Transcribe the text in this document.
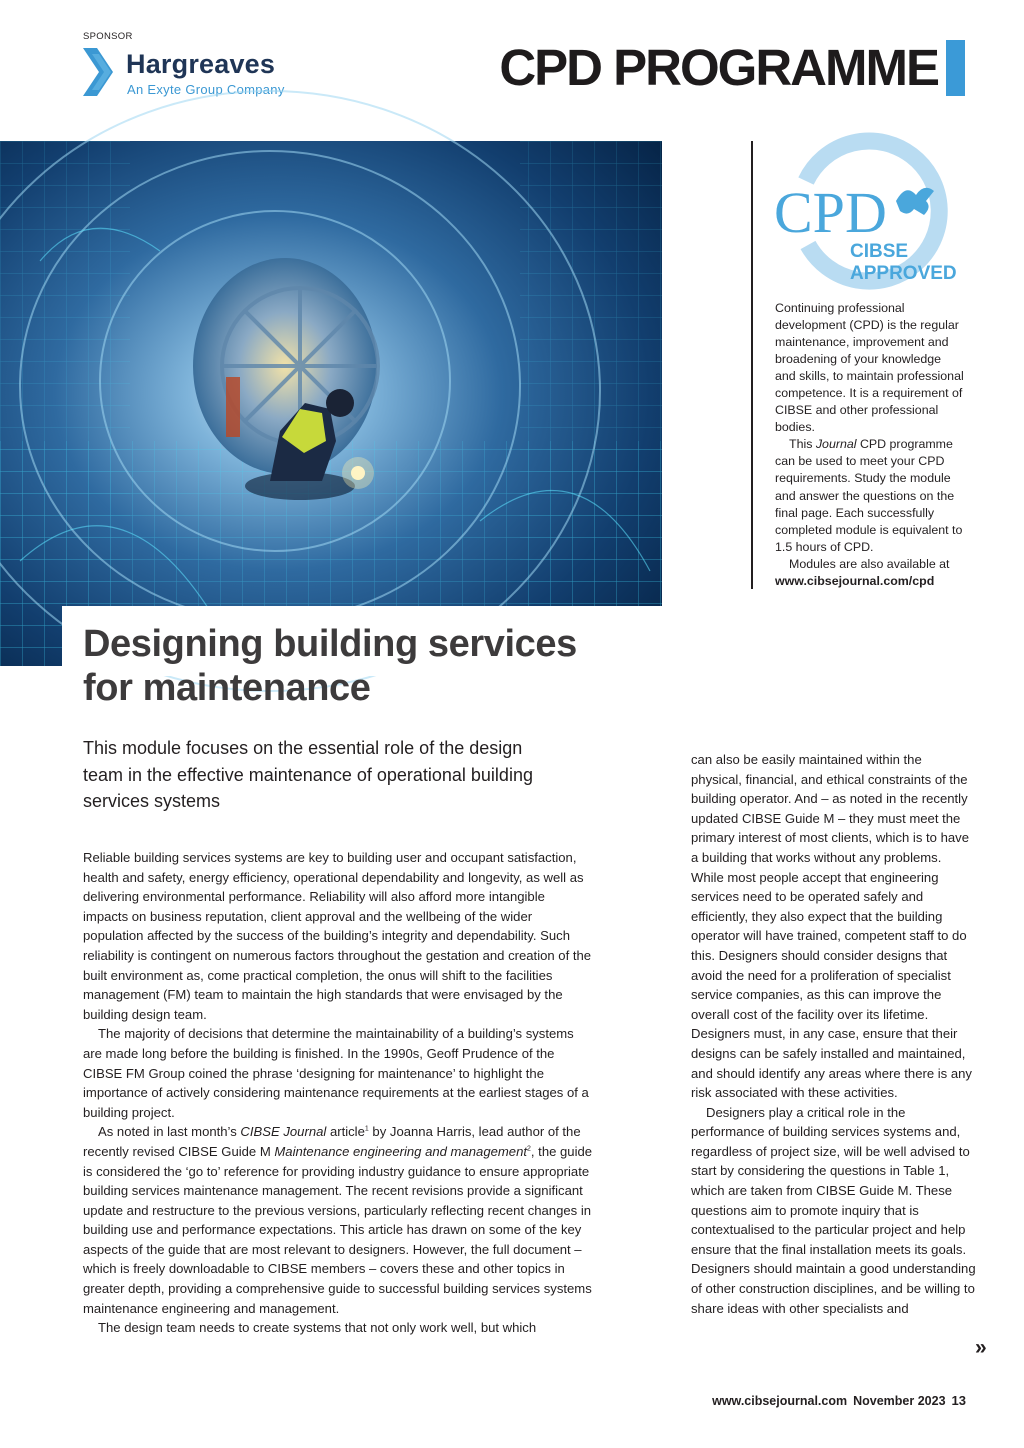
SPONSOR
Hargreaves
An Exyte Group Company	CPD PROGRAMME
CPD
CIBSE
APPROVED

Continuing professional development (CPD) is the regular maintenance, improvement and broadening of your knowledge and skills, to maintain professional competence. It is a requirement of CIBSE and other professional bodies.

This Journal CPD programme can be used to meet your CPD requirements. Study the module and answer the questions on the final page. Each successfully completed module is equivalent to 1.5 hours of CPD.

Modules are also available at

www.cibsejournal.com/cpd

Designing building services
for maintenance
This module focuses on the essential role of the design team in the effective maintenance of operational building services systems

Reliable building services systems are key to building user and occupant satisfaction, health and safety, energy efficiency, operational dependability and longevity, as well as delivering environmental performance. Reliability will also afford more intangible impacts on business reputation, client approval and the wellbeing of the wider population affected by the success of the building’s integrity and dependability. Such reliability is contingent on numerous factors throughout the gestation and creation of the built environment as, come practical completion, the onus will shift to the facilities management (FM) team to maintain the high standards that were envisaged by the building design team.

The majority of decisions that determine the maintainability of a building’s systems are made long before the building is finished. In the 1990s, Geoff Prudence of the CIBSE FM Group coined the phrase ‘designing for maintenance’ to highlight the importance of actively considering maintenance requirements at the earliest stages of a building project.

As noted in last month’s CIBSE Journal article$^1$ by Joanna Harris, lead author of the recently revised CIBSE Guide M Maintenance engineering and management$^2$, the guide is considered the ‘go to’ reference for providing industry guidance to ensure appropriate building services maintenance management. The recent revisions provide a significant update and restructure to the previous versions, particularly reflecting recent changes in building use and performance expectations. This article has drawn on some of the key aspects of the guide that are most relevant to designers. However, the full document – which is freely downloadable to CIBSE members – covers these and other topics in greater depth, providing a comprehensive guide to successful building services systems maintenance engineering and management.

The design team needs to create systems that not only work well, but which

can also be easily maintained within the physical, financial, and ethical constraints of the building operator. And – as noted in the recently updated CIBSE Guide M – they must meet the primary interest of most clients, which is to have a building that works without any problems. While most people accept that engineering services need to be operated safely and efficiently, they also expect that the building operator will have trained, competent staff to do this. Designers should consider designs that avoid the need for a proliferation of specialist service companies, as this can improve the overall cost of the facility over its lifetime. Designers must, in any case, ensure that their designs can be safely installed and maintained, and should identify any areas where there is any risk associated with these activities.

Designers play a critical role in the performance of building services systems and, regardless of project size, will be well advised to start by considering the questions in Table 1, which are taken from CIBSE Guide M. These questions aim to promote inquiry that is contextualised to the particular project and help ensure that the final installation meets its goals. Designers should maintain a good understanding of other construction disciplines, and be willing to share ideas with other specialists and

»
www.cibsejournal.com November 2023 13
